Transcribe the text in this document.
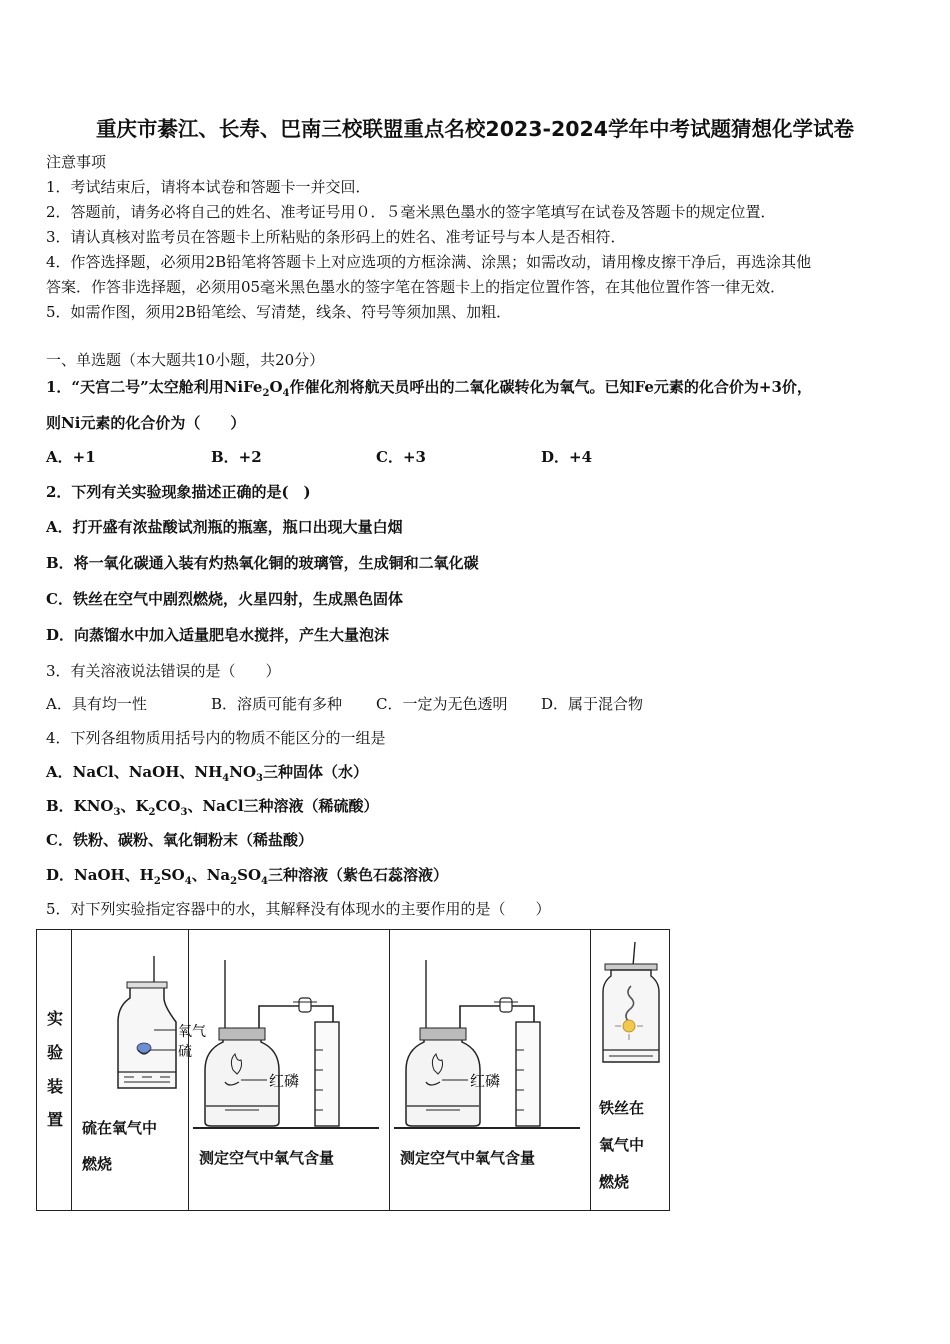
重庆市綦江、长寿、巴南三校联盟重点名校2023-2024学年中考试题猜想化学试卷
注意事项
1．考试结束后，请将本试卷和答题卡一并交回．
2．答题前，请务必将自己的姓名、准考证号用０．５毫米黑色墨水的签字笔填写在试卷及答题卡的规定位置．
3．请认真核对监考员在答题卡上所粘贴的条形码上的姓名、准考证号与本人是否相符．
4．作答选择题，必须用2B铅笔将答题卡上对应选项的方框涂满、涂黑；如需改动，请用橡皮擦干净后，再选涂其他
答案．作答非选择题，必须用05毫米黑色墨水的签字笔在答题卡上的指定位置作答，在其他位置作答一律无效．
5．如需作图，须用2B铅笔绘、写清楚，线条、符号等须加黑、加粗．
一、单选题（本大题共10小题，共20分）
1．“天宫二号”太空舱利用$NiFe_2O_4$作催化剂将航天员呼出的二氧化碳转化为氧气。已知Fe元素的化合价为+3价，
则Ni元素的化合价为（　　）
A．+1	B．+2	C．+3	D．+4
2．下列有关实验现象描述正确的是(　)
A．打开盛有浓盐酸试剂瓶的瓶塞，瓶口出现大量白烟
B．将一氧化碳通入装有灼热氧化铜的玻璃管，生成铜和二氧化碳
C．铁丝在空气中剧烈燃烧，火星四射，生成黑色固体
D．向蒸馏水中加入适量肥皂水搅拌，产生大量泡沫
3．有关溶液说法错误的是（　　）
A．具有均一性	B．溶质可能有多种 C．一定为无色透明 D．属于混合物
4．下列各组物质用括号内的物质不能区分的一组是
A．NaCl、NaOH、$NH_4NO_3$三种固体（水）
B．$KNO_3$、$K_2CO_3$、NaCl三种溶液（稀硫酸）
C．铁粉、碳粉、氧化铜粉末（稀盐酸）
D．NaOH、$H_2SO_4$、$Na_2SO_4$三种溶液（紫色石蕊溶液）
5．对下列实验指定容器中的水，其解释没有体现水的主要作用的是（　　）
实
验
装
置

氧气
硫
硫在氧气中
燃烧

红磷
测定空气中氧气含量

红磷
测定空气中氧气含量

铁丝在
氧气中
燃烧
